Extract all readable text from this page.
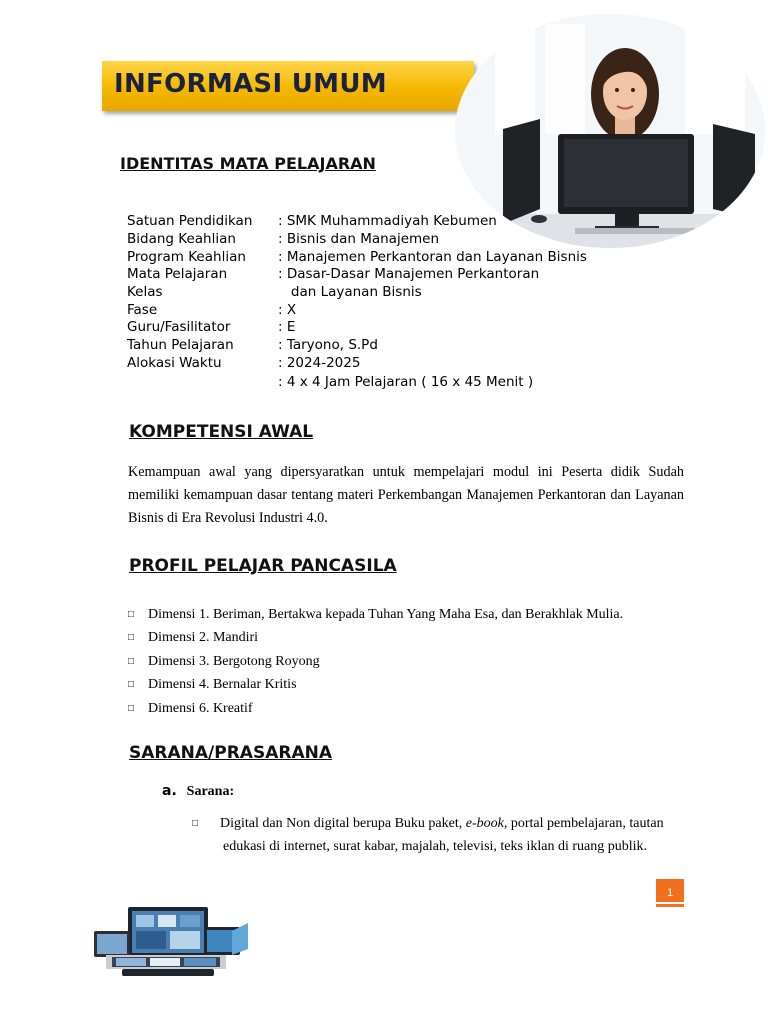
INFORMASI UMUM
IDENTITAS MATA PELAJARAN
Satuan Pendidikan
Bidang Keahlian
Program Keahlian
Mata Pelajaran
Kelas
Fase
Guru/Fasilitator
Tahun Pelajaran
Alokasi Waktu
: SMK Muhammadiyah Kebumen
: Bisnis dan Manajemen
: Manajemen Perkantoran dan Layanan Bisnis
: Dasar-Dasar Manajemen Perkantoran
dan Layanan Bisnis
: X
: E
: Taryono, S.Pd
: 2024-2025
: 4 x 4 Jam Pelajaran ( 16 x 45 Menit )
KOMPETENSI AWAL
Kemampuan awal yang dipersyaratkan untuk mempelajari modul ini Peserta didik Sudah memiliki kemampuan dasar tentang materi Perkembangan Manajemen Perkantoran dan Layanan Bisnis di Era Revolusi Industri 4.0.
PROFIL PELAJAR PANCASILA
□ Dimensi 1. Beriman, Bertakwa kepada Tuhan Yang Maha Esa, dan Berakhlak Mulia.
□ Dimensi 2. Mandiri
□ Dimensi 3. Bergotong Royong
□ Dimensi 4. Bernalar Kritis
□ Dimensi 6. Kreatif
SARANA/PRASARANA
a. Sarana:
□ Digital dan Non digital berupa Buku paket, e-book, portal pembelajaran, tautan
edukasi di internet, surat kabar, majalah, televisi, teks iklan di ruang publik.
1
